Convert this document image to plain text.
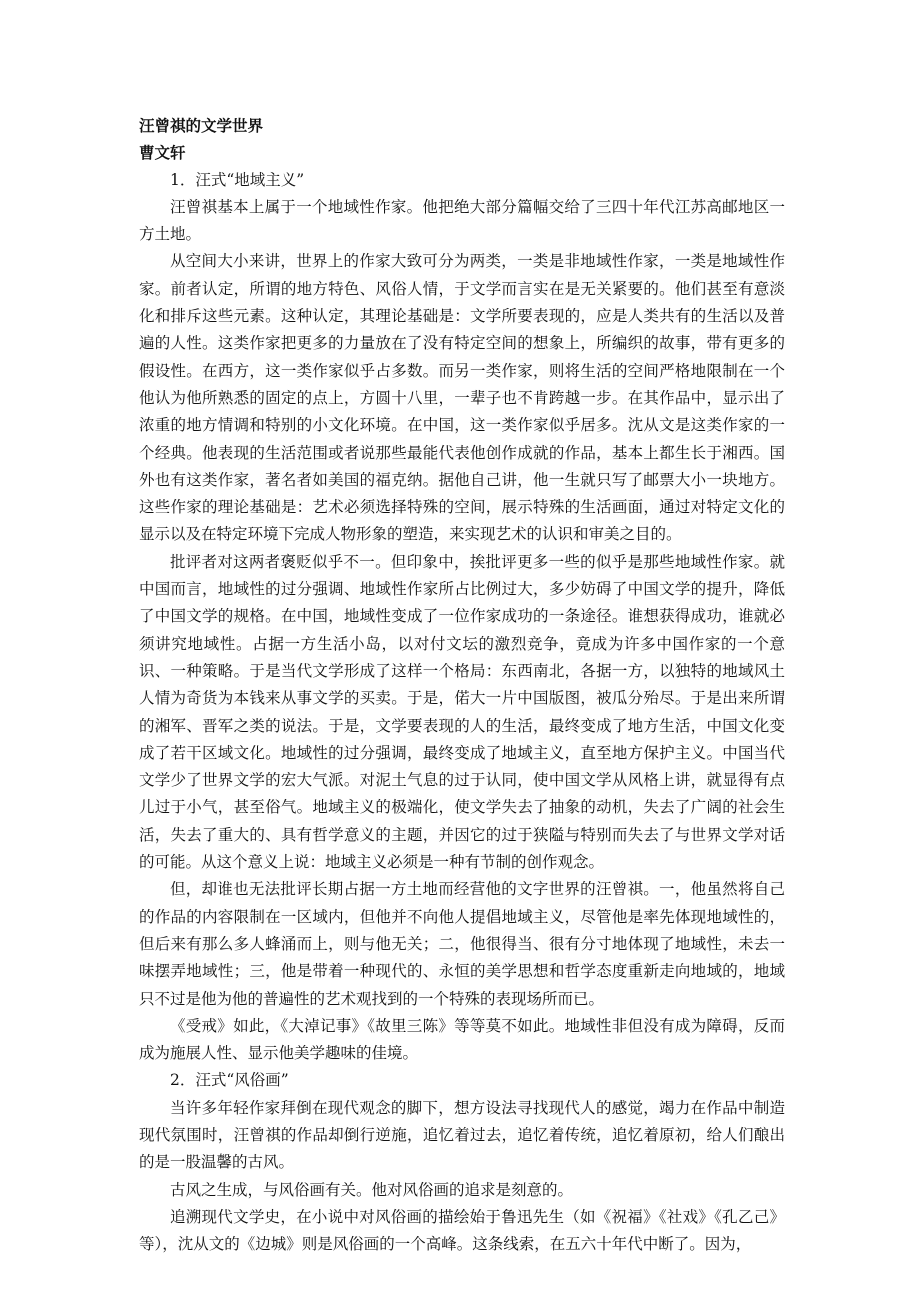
汪曾祺的文学世界

曹文轩

1．汪式“地域主义”

汪曾祺基本上属于一个地域性作家。他把绝大部分篇幅交给了三四十年代江苏高邮地区一方土地。

从空间大小来讲，世界上的作家大致可分为两类，一类是非地域性作家，一类是地域性作家。前者认定，所谓的地方特色、风俗人情，于文学而言实在是无关紧要的。他们甚至有意淡化和排斥这些元素。这种认定，其理论基础是：文学所要表现的，应是人类共有的生活以及普遍的人性。这类作家把更多的力量放在了没有特定空间的想象上，所编织的故事，带有更多的假设性。在西方，这一类作家似乎占多数。而另一类作家，则将生活的空间严格地限制在一个他认为他所熟悉的固定的点上，方圆十八里，一辈子也不肯跨越一步。在其作品中，显示出了浓重的地方情调和特别的小文化环境。在中国，这一类作家似乎居多。沈从文是这类作家的一个经典。他表现的生活范围或者说那些最能代表他创作成就的作品，基本上都生长于湘西。国外也有这类作家，著名者如美国的福克纳。据他自己讲，他一生就只写了邮票大小一块地方。这些作家的理论基础是：艺术必须选择特殊的空间，展示特殊的生活画面，通过对特定文化的显示以及在特定环境下完成人物形象的塑造，来实现艺术的认识和审美之目的。

批评者对这两者褒贬似乎不一。但印象中，挨批评更多一些的似乎是那些地域性作家。就中国而言，地域性的过分强调、地域性作家所占比例过大，多少妨碍了中国文学的提升，降低了中国文学的规格。在中国，地域性变成了一位作家成功的一条途径。谁想获得成功，谁就必须讲究地域性。占据一方生活小岛，以对付文坛的激烈竞争，竟成为许多中国作家的一个意识、一种策略。于是当代文学形成了这样一个格局：东西南北，各据一方，以独特的地域风土人情为奇货为本钱来从事文学的买卖。于是，偌大一片中国版图，被瓜分殆尽。于是出来所谓的湘军、晋军之类的说法。于是，文学要表现的人的生活，最终变成了地方生活，中国文化变成了若干区域文化。地域性的过分强调，最终变成了地域主义，直至地方保护主义。中国当代文学少了世界文学的宏大气派。对泥土气息的过于认同，使中国文学从风格上讲，就显得有点儿过于小气，甚至俗气。地域主义的极端化，使文学失去了抽象的动机，失去了广阔的社会生活，失去了重大的、具有哲学意义的主题，并因它的过于狭隘与特别而失去了与世界文学对话的可能。从这个意义上说：地域主义必须是一种有节制的创作观念。

但，却谁也无法批评长期占据一方土地而经营他的文字世界的汪曾祺。一，他虽然将自己的作品的内容限制在一区域内，但他并不向他人提倡地域主义，尽管他是率先体现地域性的，但后来有那么多人蜂涌而上，则与他无关；二，他很得当、很有分寸地体现了地域性，未去一味摆弄地域性；三，他是带着一种现代的、永恒的美学思想和哲学态度重新走向地域的，地域只不过是他为他的普遍性的艺术观找到的一个特殊的表现场所而已。

《受戒》如此，《大淖记事》《故里三陈》等等莫不如此。地域性非但没有成为障碍，反而成为施展人性、显示他美学趣味的佳境。

2．汪式“风俗画”

当许多年轻作家拜倒在现代观念的脚下，想方设法寻找现代人的感觉，竭力在作品中制造现代氛围时，汪曾祺的作品却倒行逆施，追忆着过去，追忆着传统，追忆着原初，给人们酿出的是一股温馨的古风。

古风之生成，与风俗画有关。他对风俗画的追求是刻意的。

追溯现代文学史，在小说中对风俗画的描绘始于鲁迅先生（如《祝福》《社戏》《孔乙己》等），沈从文的《边城》则是风俗画的一个高峰。这条线索，在五六十年代中断了。因为，
